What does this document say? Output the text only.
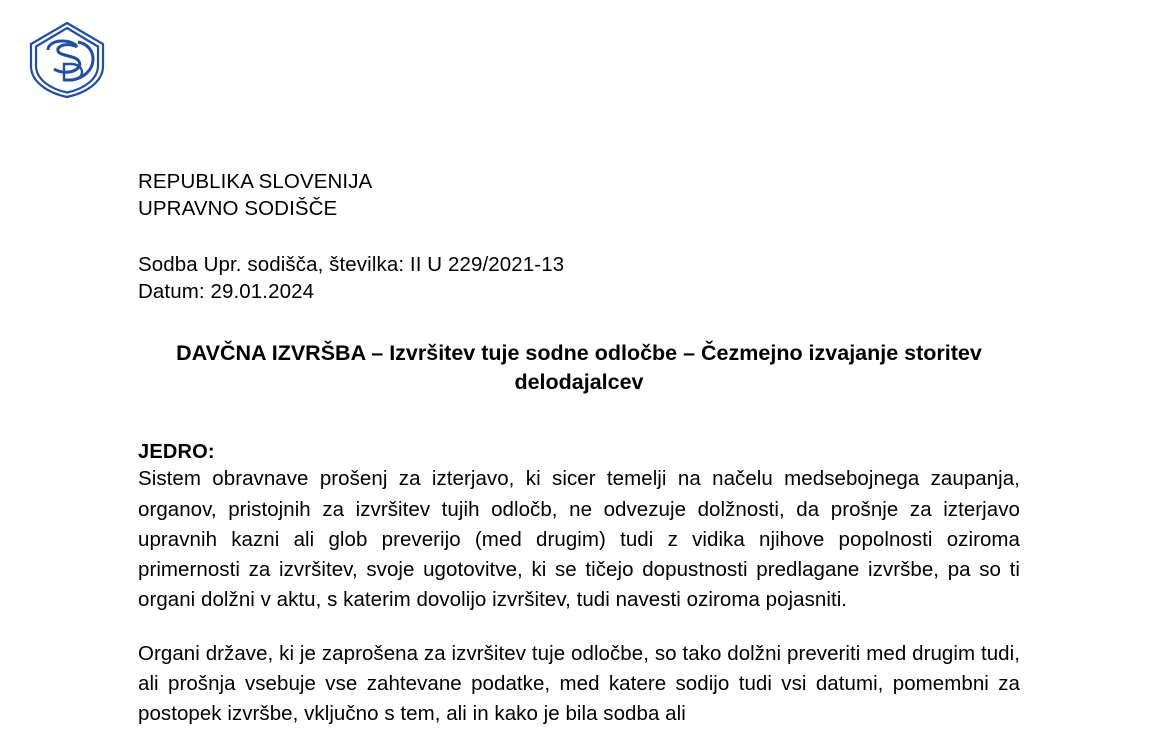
REPUBLIKA SLOVENIJA
UPRAVNO SODIŠČE
Sodba Upr. sodišča, številka: II U 229/2021-13
Datum: 29.01.2024
DAVČNA IZVRŠBA – Izvršitev tuje sodne odločbe – Čezmejno izvajanje storitev delodajalcev
JEDRO:

Sistem obravnave prošenj za izterjavo, ki sicer temelji na načelu medsebojnega zaupanja, organov, pristojnih za izvršitev tujih odločb, ne odvezuje dolžnosti, da prošnje za izterjavo upravnih kazni ali glob preverijo (med drugim) tudi z vidika njihove popolnosti oziroma primernosti za izvršitev, svoje ugotovitve, ki se tičejo dopustnosti predlagane izvršbe, pa so ti organi dolžni v aktu, s katerim dovolijo izvršitev, tudi navesti oziroma pojasniti.

Organi države, ki je zaprošena za izvršitev tuje odločbe, so tako dolžni preveriti med drugim tudi, ali prošnja vsebuje vse zahtevane podatke, med katere sodijo tudi vsi datumi, pomembni za postopek izvršbe, vključno s tem, ali in kako je bila sodba ali
